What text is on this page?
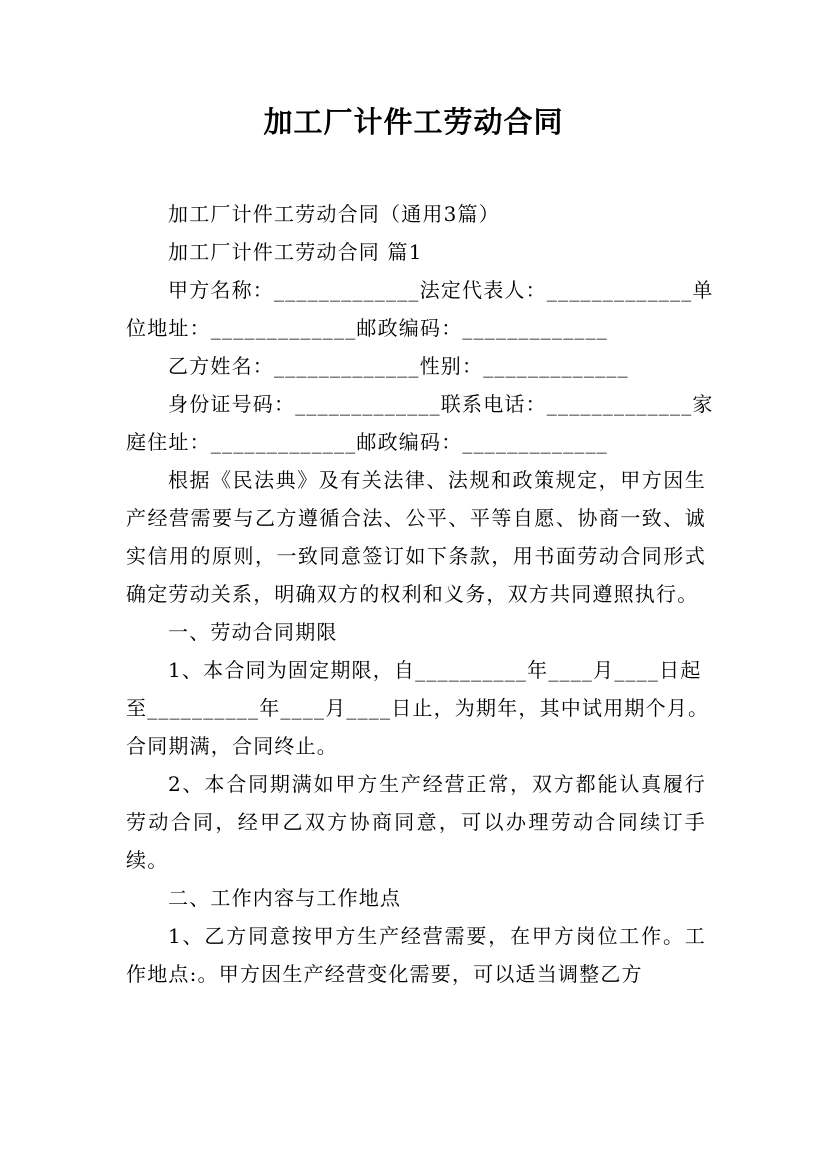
加工厂计件工劳动合同
加工厂计件工劳动合同（通用3篇）
加工厂计件工劳动合同 篇1
甲方名称：_____________法定代表人：_____________单
位地址：_____________邮政编码：_____________
乙方姓名：_____________性别：_____________
身份证号码：_____________联系电话：_____________家
庭住址：_____________邮政编码：_____________

根据《民法典》及有关法律、法规和政策规定，甲方因生产经营需要与乙方遵循合法、公平、平等自愿、协商一致、诚实信用的原则，一致同意签订如下条款，用书面劳动合同形式确定劳动关系，明确双方的权利和义务，双方共同遵照执行。

一、劳动合同期限
1、本合同为固定期限，自__________年____月____日起
至__________年____月____日止，为期年，其中试用期个月。
合同期满，合同终止。

2、本合同期满如甲方生产经营正常，双方都能认真履行劳动合同，经甲乙双方协商同意，可以办理劳动合同续订手续。

二、工作内容与工作地点

1、乙方同意按甲方生产经营需要，在甲方岗位工作。工作地点:。甲方因生产经营变化需要，可以适当调整乙方
